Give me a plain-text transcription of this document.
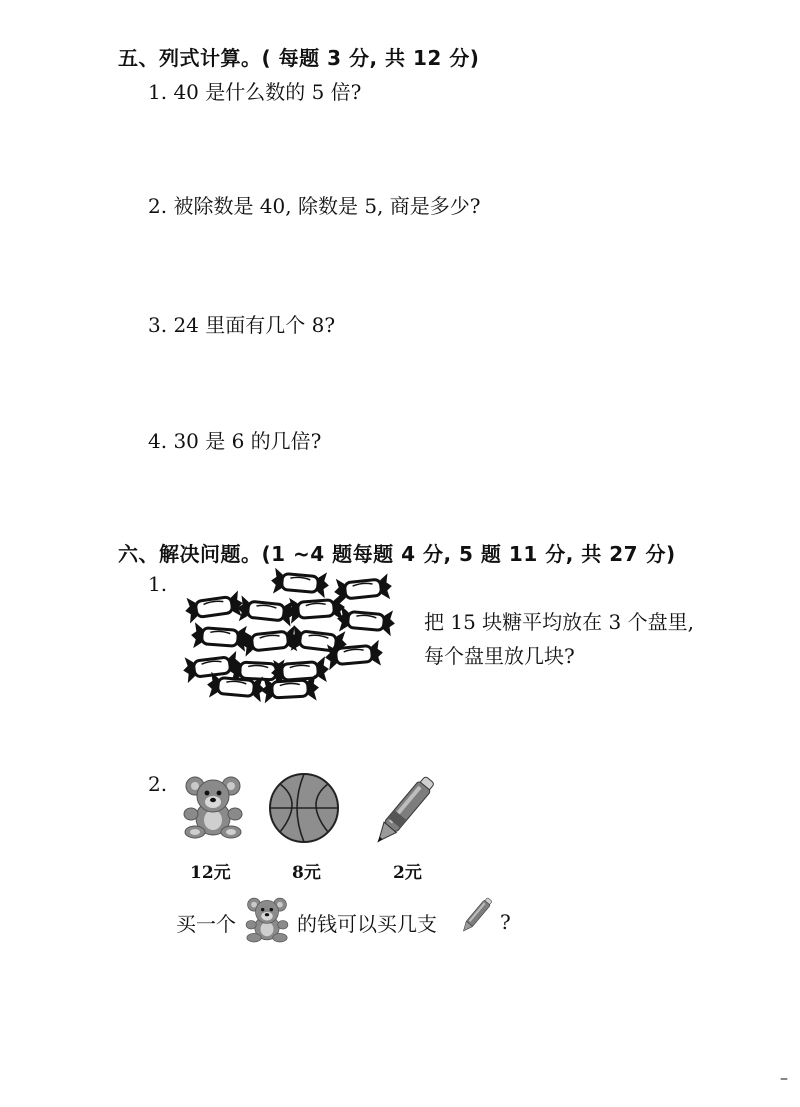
五、列式计算。( 每题 3 分, 共 12 分)
1. 40 是什么数的 5 倍?
2. 被除数是 40, 除数是 5, 商是多少?
3. 24 里面有几个 8?
4. 30 是 6 的几倍?
六、解决问题。(1 ~4 题每题 4 分, 5 题 11 分, 共 27 分)
1.
把 15 块糖平均放在 3 个盘里,
每个盘里放几块?
2.
12元	8元	2元
买一个	的钱可以买几支	?
–
